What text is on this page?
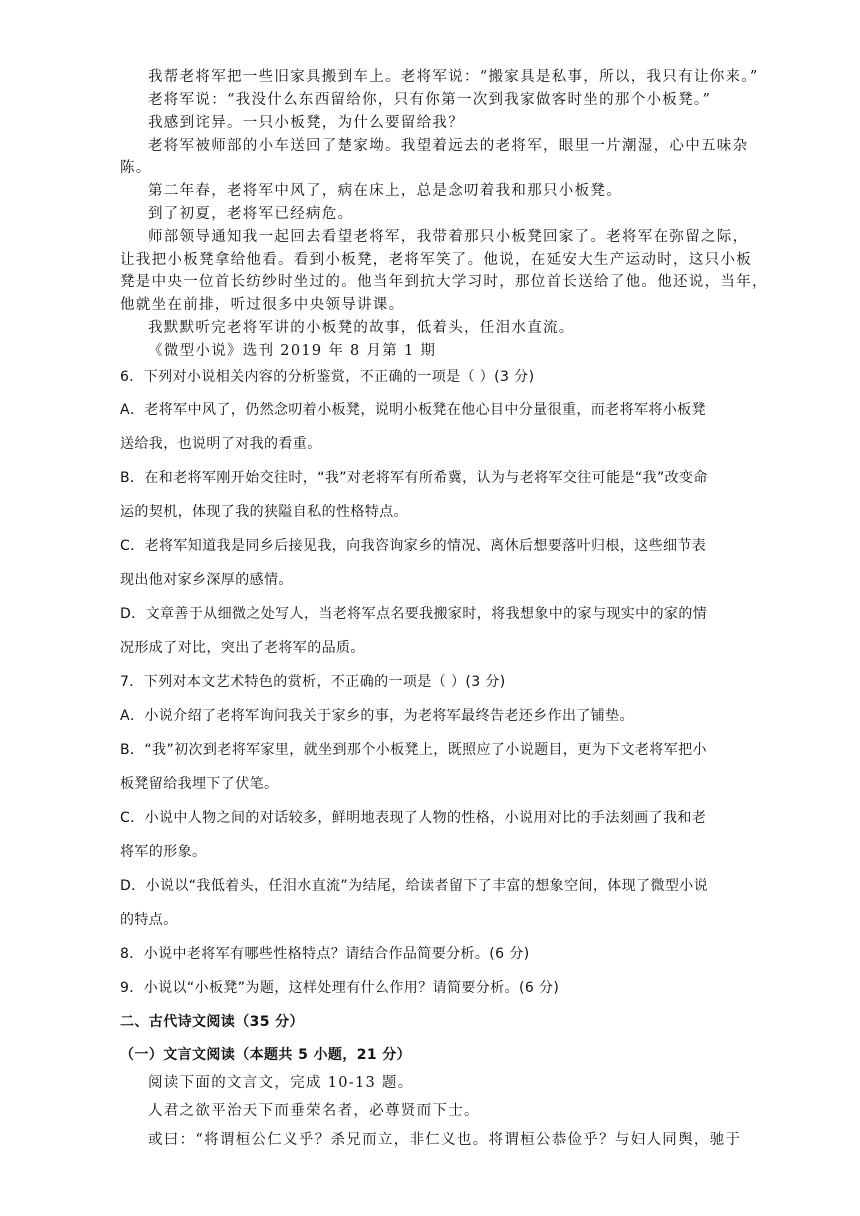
我帮老将军把一些旧家具搬到车上。老将军说：“搬家具是私事，所以，我只有让你来。”
老将军说：“我没什么东西留给你，只有你第一次到我家做客时坐的那个小板凳。”
我感到诧异。一只小板凳，为什么要留给我？
老将军被师部的小车送回了楚家坳。我望着远去的老将军，眼里一片潮湿，心中五味杂
陈。
第二年春，老将军中风了，病在床上，总是念叨着我和那只小板凳。
到了初夏，老将军已经病危。
师部领导通知我一起回去看望老将军，我带着那只小板凳回家了。老将军在弥留之际，
让我把小板凳拿给他看。看到小板凳，老将军笑了。他说，在延安大生产运动时，这只小板
凳是中央一位首长纺纱时坐过的。他当年到抗大学习时，那位首长送给了他。他还说，当年，
他就坐在前排，听过很多中央领导讲课。
我默默听完老将军讲的小板凳的故事，低着头，任泪水直流。
《微型小说》选刊 2019 年 8 月第 1 期
6．下列对小说相关内容的分析鉴赏，不正确的一项是（ ）(3 分)
A．老将军中风了，仍然念叨着小板凳，说明小板凳在他心目中分量很重，而老将军将小板凳
送给我，也说明了对我的看重。
B．在和老将军刚开始交往时，“我”对老将军有所希冀，认为与老将军交往可能是“我”改变命
运的契机，体现了我的狭隘自私的性格特点。
C．老将军知道我是同乡后接见我，向我咨询家乡的情况、离休后想要落叶归根，这些细节表
现出他对家乡深厚的感情。
D．文章善于从细微之处写人，当老将军点名要我搬家时，将我想象中的家与现实中的家的情
况形成了对比，突出了老将军的品质。
7．下列对本文艺术特色的赏析，不正确的一项是（ ）(3 分)
A．小说介绍了老将军询问我关于家乡的事，为老将军最终告老还乡作出了铺垫。
B．“我”初次到老将军家里，就坐到那个小板凳上，既照应了小说题目，更为下文老将军把小
板凳留给我埋下了伏笔。
C．小说中人物之间的对话较多，鲜明地表现了人物的性格，小说用对比的手法刻画了我和老
将军的形象。
D．小说以“我低着头，任泪水直流”为结尾，给读者留下了丰富的想象空间，体现了微型小说
的特点。
8．小说中老将军有哪些性格特点？请结合作品简要分析。(6 分)
9．小说以“小板凳”为题，这样处理有什么作用？请简要分析。(6 分)
二、古代诗文阅读（35 分）
（一）文言文阅读（本题共 5 小题，21 分）
阅读下面的文言文，完成 10-13 题。
人君之欲平治天下而垂荣名者，必尊贤而下士。
或曰：“将谓桓公仁义乎？杀兄而立，非仁义也。将谓桓公恭俭乎？与妇人同舆，驰于
